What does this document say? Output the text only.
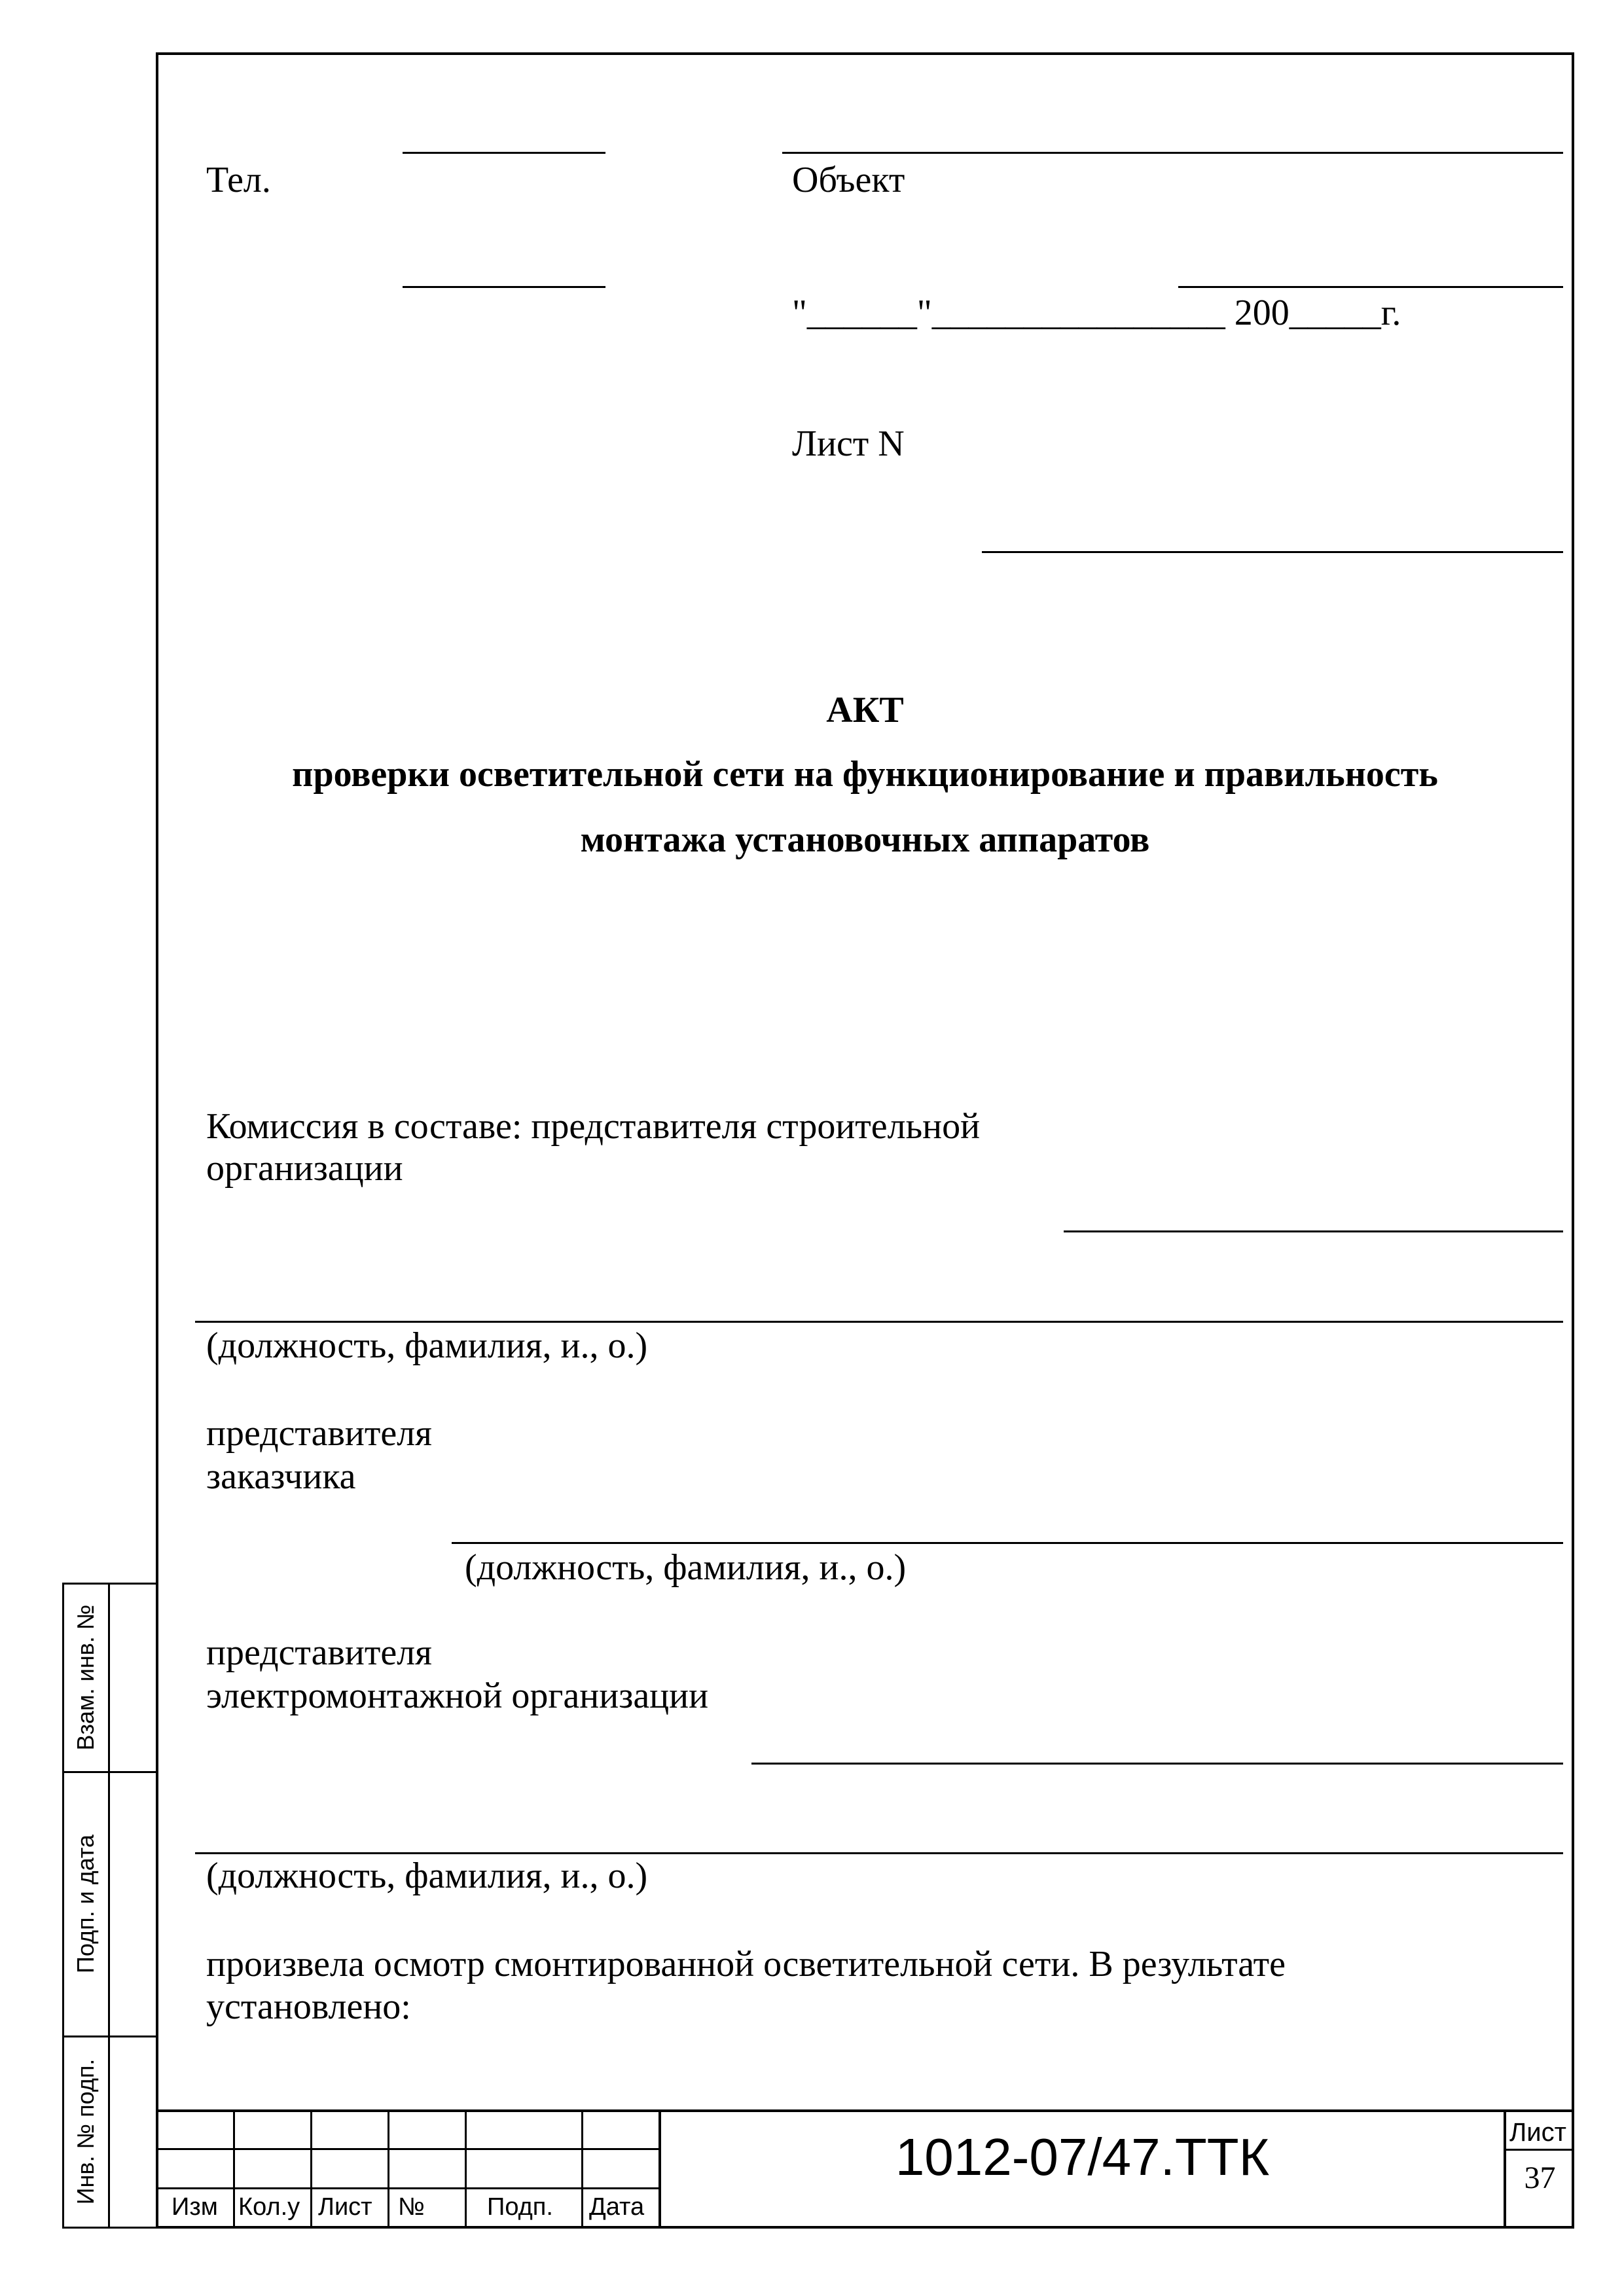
Тел.	Объект
"______"________________ 200_____г.
Лист N
АКТ
проверки осветительной сети на функционирование и правильность
монтажа установочных аппаратов
Комиссия в составе: представителя строительной
организации
(должность, фамилия, и., о.)
представителя
заказчика
(должность, фамилия, и., о.)
представителя
электромонтажной организации
(должность, фамилия, и., о.)
произвела осмотр смонтированной осветительной сети. В результате
установлено:
Взам. инв. №
Подп. и дата
Инв. № подп.
Изм Кол.у Лист №	Подп. Дата
1012-07/47.ТТК	Лист
37
